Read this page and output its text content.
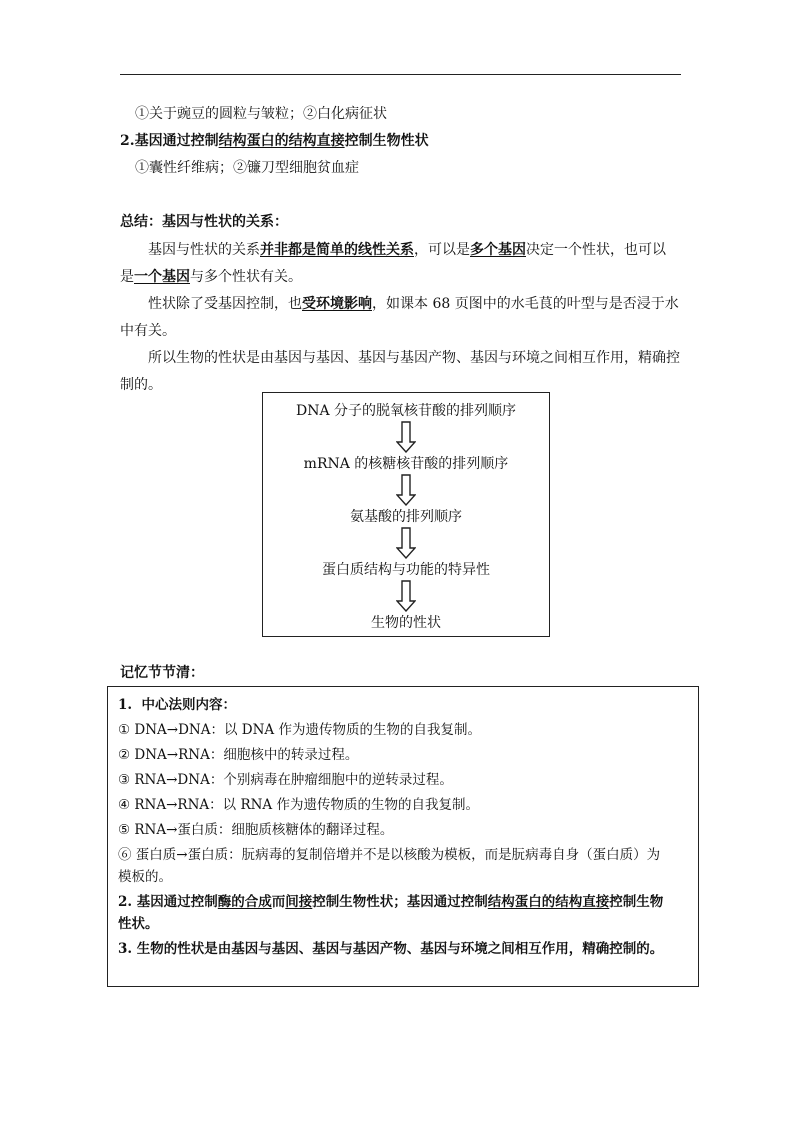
①关于豌豆的圆粒与皱粒；②白化病征状
2.基因通过控制结构蛋白的结构直接控制生物性状
①囊性纤维病；②镰刀型细胞贫血症
总结：基因与性状的关系：
基因与性状的关系并非都是简单的线性关系，可以是多个基因决定一个性状，也可以
是一个基因与多个性状有关。
性状除了受基因控制，也受环境影响，如课本 68 页图中的水毛茛的叶型与是否浸于水
中有关。
所以生物的性状是由基因与基因、基因与基因产物、基因与环境之间相互作用，精确控
制的。
DNA 分子的脱氧核苷酸的排列顺序
mRNA 的核糖核苷酸的排列顺序
氨基酸的排列顺序
蛋白质结构与功能的特异性
生物的性状
记忆节节清：
1. 中心法则内容：
① DNA→DNA：以 DNA 作为遗传物质的生物的自我复制。
② DNA→RNA：细胞核中的转录过程。
③ RNA→DNA：个别病毒在肿瘤细胞中的逆转录过程。
④ RNA→RNA：以 RNA 作为遗传物质的生物的自我复制。
⑤ RNA→蛋白质：细胞质核糖体的翻译过程。
⑥ 蛋白质→蛋白质：朊病毒的复制倍增并不是以核酸为模板，而是朊病毒自身（蛋白质）为
模板的。
2. 基因通过控制酶的合成而间接控制生物性状；基因通过控制结构蛋白的结构直接控制生物
性状。
3. 生物的性状是由基因与基因、基因与基因产物、基因与环境之间相互作用，精确控制的。
